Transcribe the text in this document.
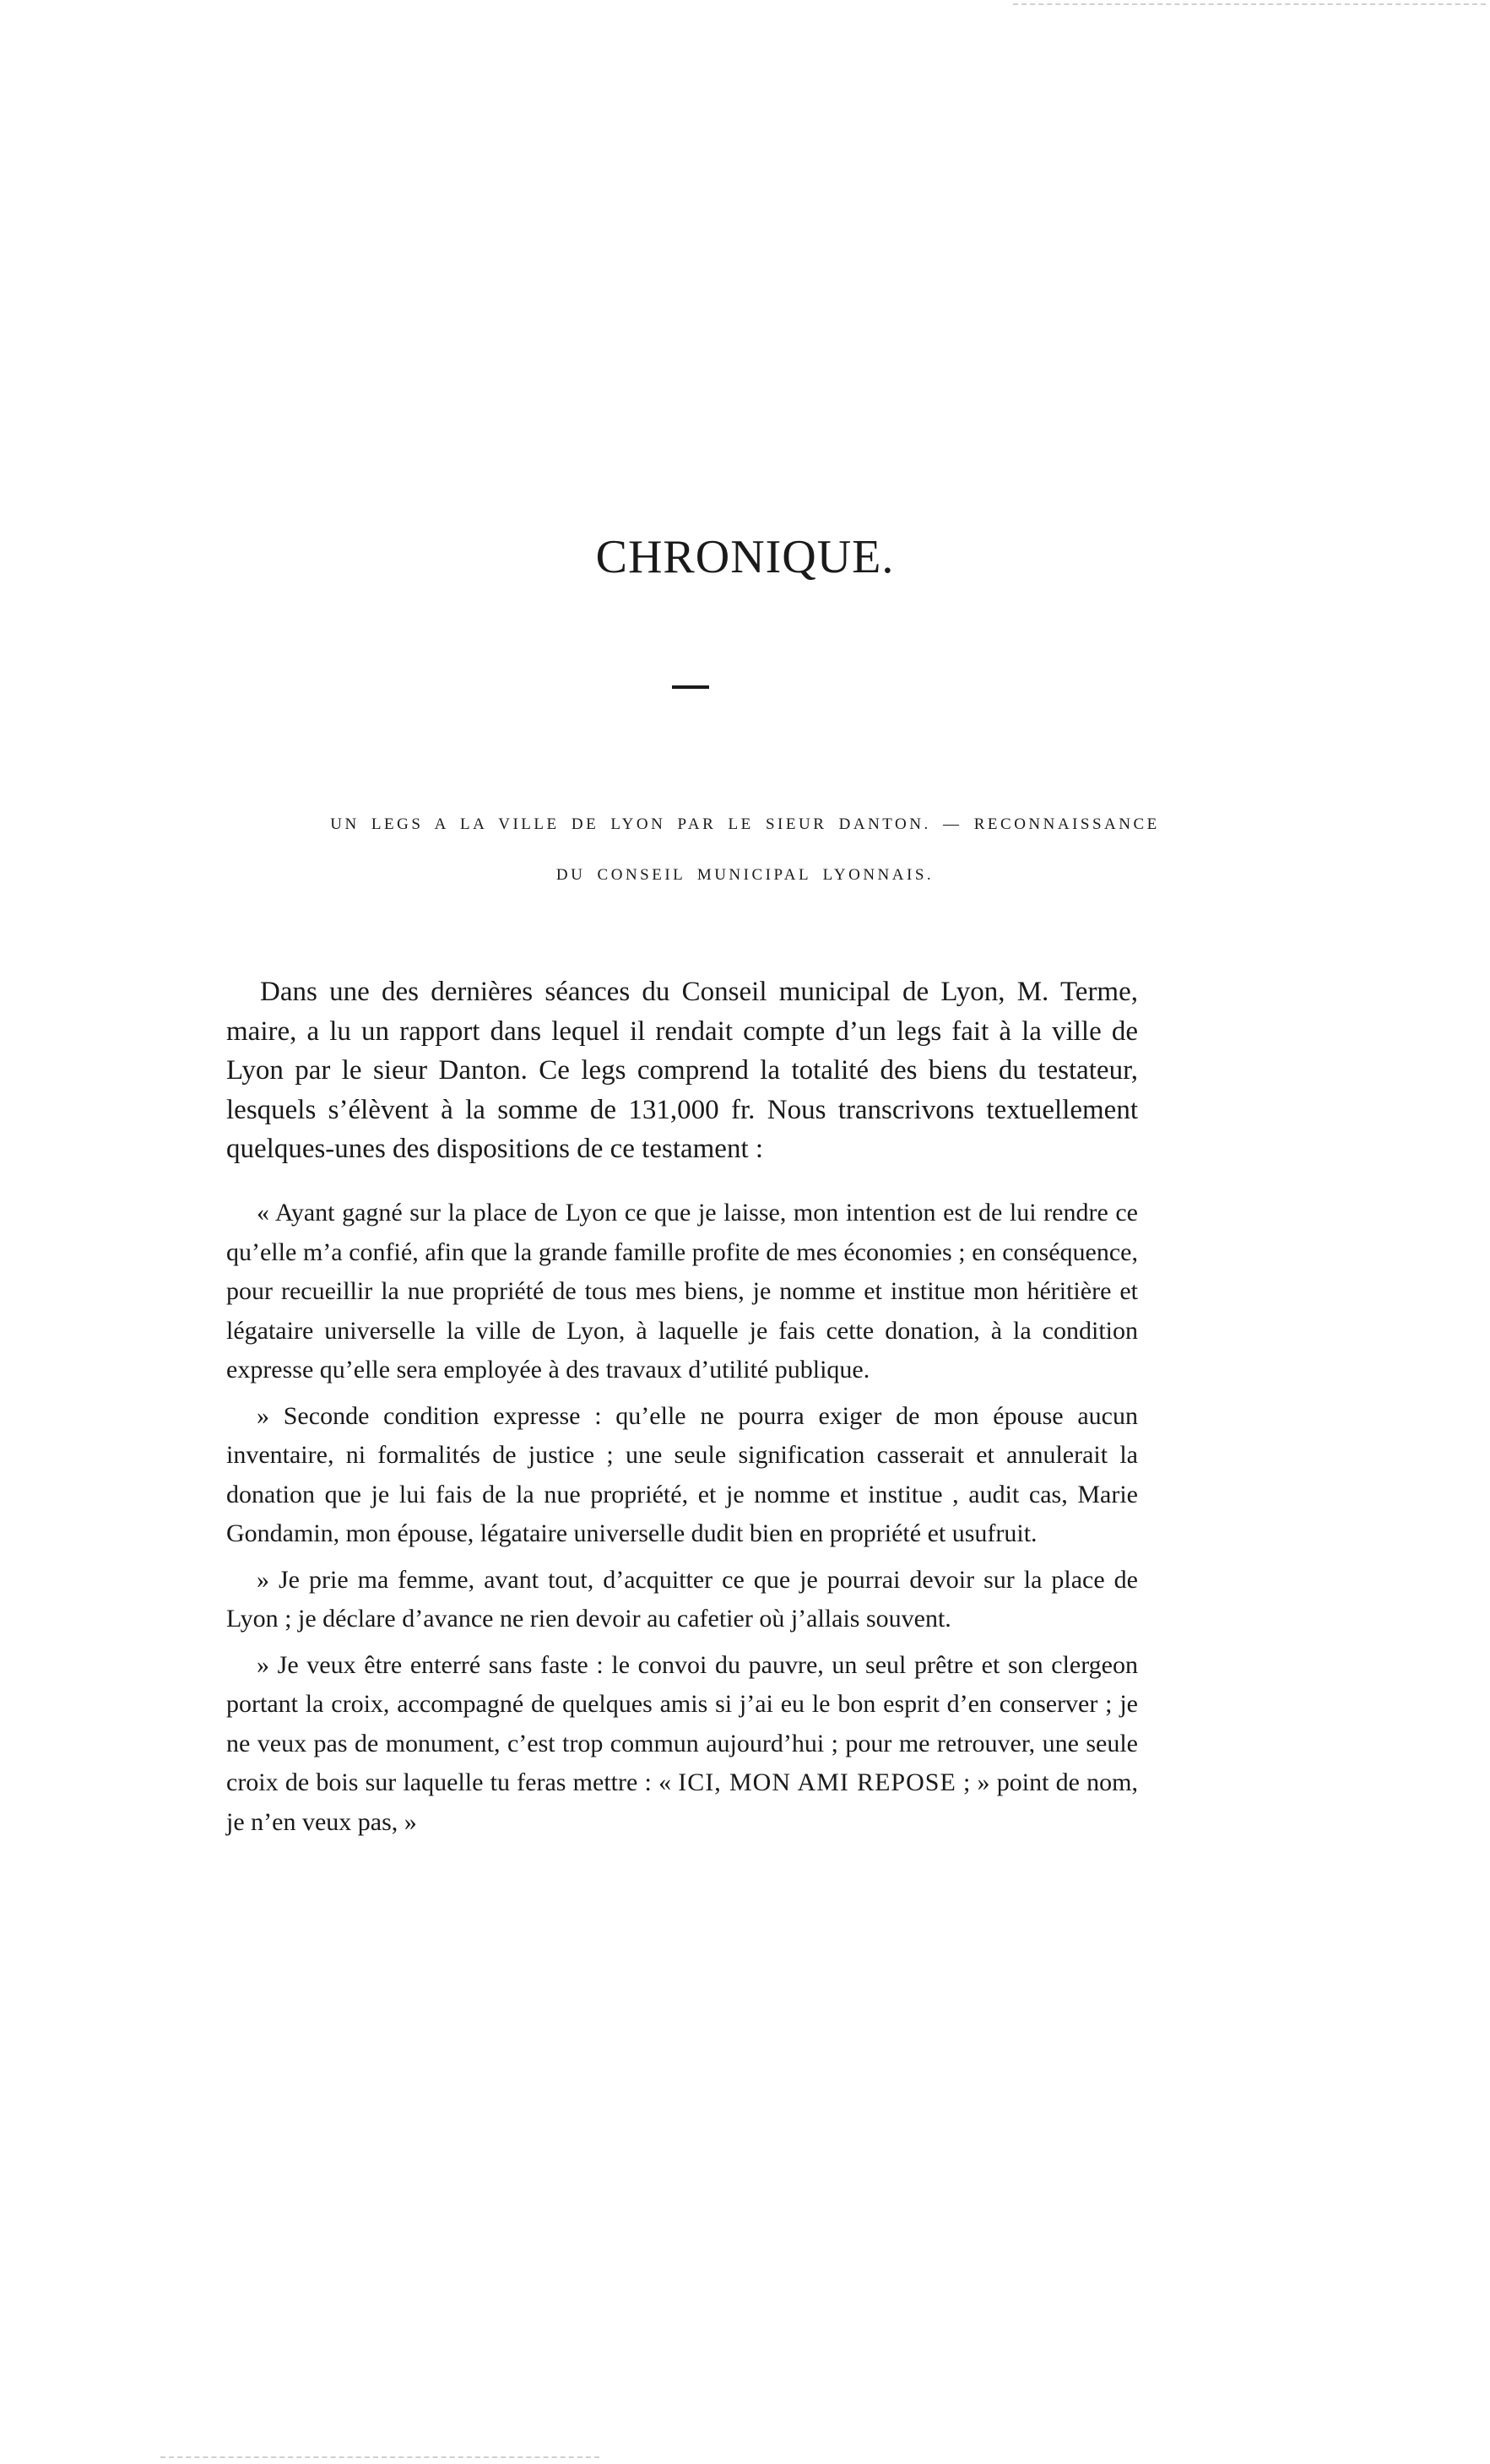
CHRONIQUE.
UN LEGS A LA VILLE DE LYON PAR LE SIEUR DANTON. — RECONNAISSANCE
DU CONSEIL MUNICIPAL LYONNAIS.

Dans une des dernières séances du Conseil municipal de Lyon, M. Terme, maire, a lu un rapport dans lequel il rendait compte d’un legs fait à la ville de Lyon par le sieur Danton. Ce legs comprend la totalité des biens du testateur, lesquels s’élèvent à la somme de 131,000 fr. Nous transcrivons textuellement quelques-unes des dispositions de ce testament :

« Ayant gagné sur la place de Lyon ce que je laisse, mon intention est de lui rendre ce qu’elle m’a confié, afin que la grande famille profite de mes économies ; en conséquence, pour recueillir la nue propriété de tous mes biens, je nomme et institue mon héritière et légataire universelle la ville de Lyon, à laquelle je fais cette donation, à la condition expresse qu’elle sera employée à des travaux d’utilité publique.

» Seconde condition expresse : qu’elle ne pourra exiger de mon épouse aucun inventaire, ni formalités de justice ; une seule signification casserait et annulerait la donation que je lui fais de la nue propriété, et je nomme et institue , audit cas, Marie Gondamin, mon épouse, légataire universelle dudit bien en propriété et usufruit.

» Je prie ma femme, avant tout, d’acquitter ce que je pourrai devoir sur la place de Lyon ; je déclare d’avance ne rien devoir au cafetier où j’allais souvent.

» Je veux être enterré sans faste : le convoi du pauvre, un seul prêtre et son clergeon portant la croix, accompagné de quelques amis si j’ai eu le bon esprit d’en conserver ; je ne veux pas de monument, c’est trop commun aujourd’hui ; pour me retrouver, une seule croix de bois sur laquelle tu feras mettre : « ICI, MON AMI REPOSE ; » point de nom, je n’en veux pas, »
